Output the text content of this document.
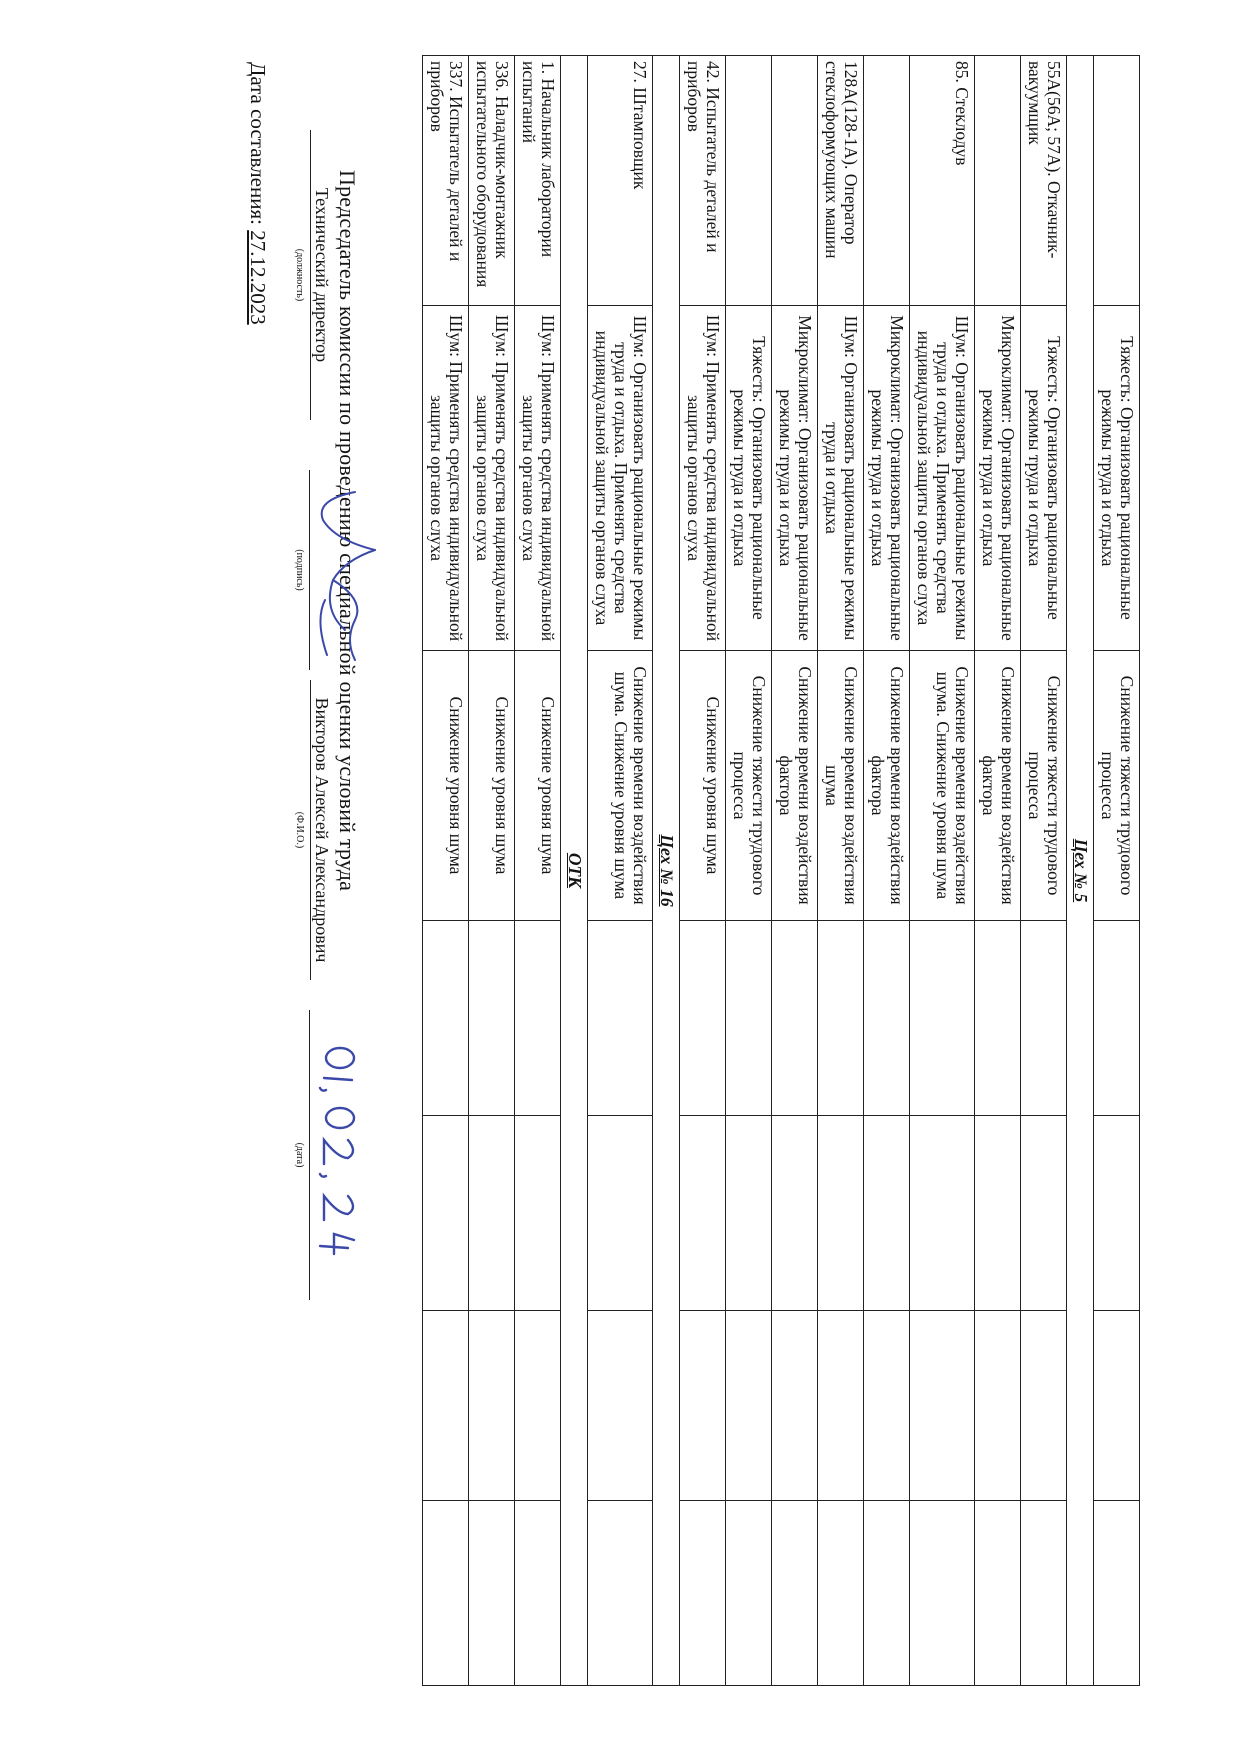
	Тяжесть: Организовать рациональные режимы труда и отдыха	Снижение тяжести трудового процесса				
Цех № 5						
55А(56А; 57А). Откачник-вакуумщик	Тяжесть: Организовать рациональные режимы труда и отдыха	Снижение тяжести трудового процесса				
	Микроклимат: Организовать рациональные режимы труда и отдыха	Снижение времени воздействия фактора				
85. Стеклодув	Шум: Организовать рациональные режимы труда и отдыха. Применять средства индивидуальной защиты органов слуха	Снижение времени воздействия шума. Снижение уровня шума				
	Микроклимат: Организовать рациональные режимы труда и отдыха	Снижение времени воздействия фактора				
128А(128-1А). Оператор стеклоформующих машин	Шум: Организовать рациональные режимы труда и отдыха	Снижение времени воздействия шума				
	Микроклимат: Организовать рациональные режимы труда и отдыха	Снижение времени воздействия фактора				
	Тяжесть: Организовать рациональные режимы труда и отдыха	Снижение тяжести трудового процесса				
42. Испытатель деталей и приборов	Шум: Применять средства индивидуальной защиты органов слуха	Снижение уровня шума				
Цех № 16						
27. Штамповщик	Шум: Организовать рациональные режимы труда и отдыха. Применять средства индивидуальной защиты органов слуха	Снижение времени воздействия шума. Снижение уровня шума				
ОТК						
1. Начальник лаборатории испытаний	Шум: Применять средства индивидуальной защиты органов слуха	Снижение уровня шума				
336. Наладчик-монтажник испытательного оборудования	Шум: Применять средства индивидуальной защиты органов слуха	Снижение уровня шума				
337. Испытатель деталей и приборов	Шум: Применять средства индивидуальной защиты органов слуха	Снижение уровня шума				
Председатель комиссии по проведению специальной оценки условий труда
Технический директор
(должность)
(подпись)
Викторов Алексей Александрович
(Ф.И.О.)
(дата)
Дата составления: 27.12.2023
